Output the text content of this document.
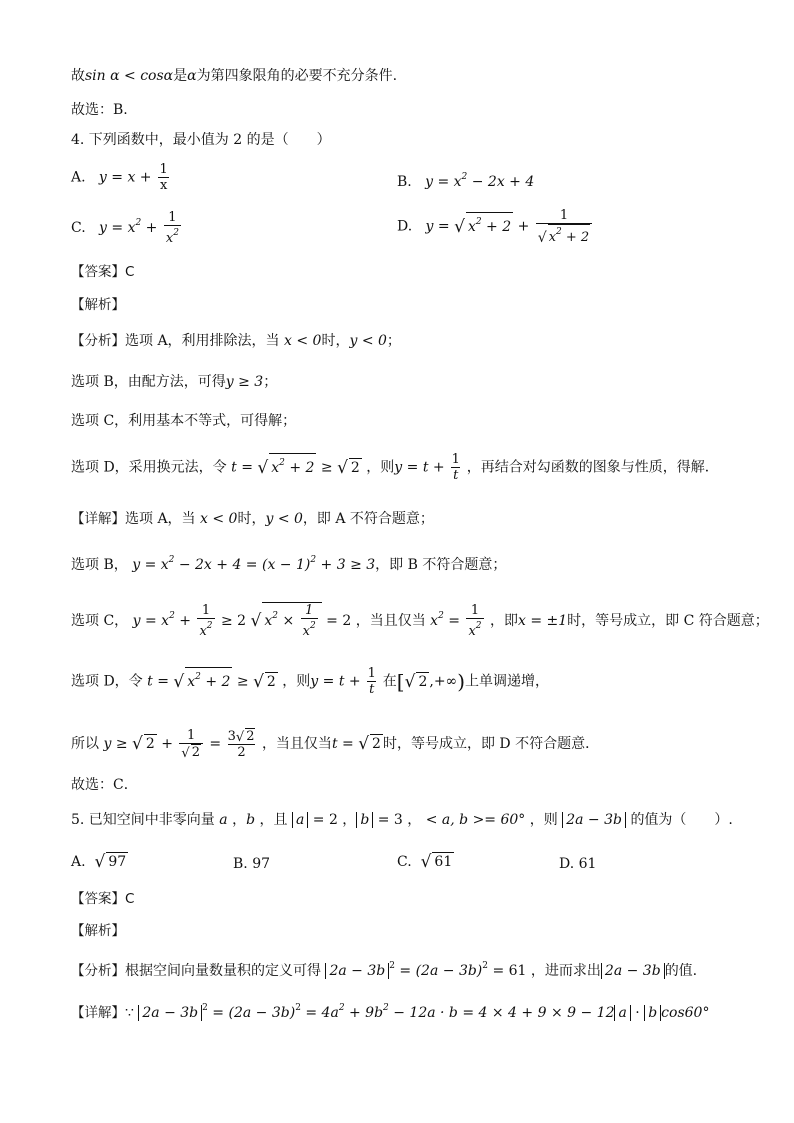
故sin α < cosα是α为第四象限角的必要不充分条件.
故选：B.
4. 下列函数中，最小值为 2 的是（　　）
A. $y = x + \frac{1}{x}$	B. $y = x^2 - 2x + 4$
C. $y = x^2 + \frac{1}{x^2}$	D. y = √ $x^2 + 2 + \frac{1}{√ x^2 + 2}$
【答案】C
【解析】
【分析】选项 A，利用排除法，当 x < 0时，y < 0；
选项 B，由配方法，可得y ≥ 3；
选项 C，利用基本不等式，可得解；
选项 D，采用换元法，令 t = √ $x^2 + 2$ ≥ √ 2 ，则$y = t + \frac{1}{t}$ ，再结合对勾函数的图象与性质，得解．
【详解】选项 A，当 x < 0时，y < 0，即 A 不符合题意；
选项 B， $y = x^2 - 2x + 4 = (x - 1)^2 + 3 \ge 3$，即 B 不符合题意；
选项 C， $y = x^2 + \frac{1}{x^2} \ge 2$ √ $x^2 \times \frac{1}{x^2} = 2$ ，当且仅当 $x^2 = \frac{1}{x^2}$ ，即x = ±1时，等号成立，即 C 符合题意；
选项 D，令 t = √ $x^2 + 2$ ≥ √ 2 ，则$y = t + \frac{1}{t}$ 在[√ 2 ,+∞)上单调递增，
所以 y ≥ √ $2 + \frac{1}{√ 2} = \frac{3√ 2}{2}$ ，当且仅当t = √ 2 时，等号成立，即 D 不符合题意．
故选：C．
5. 已知空间中非零向量 a ，b ，且 a = 2 ， b = 3 ， < a, b >= 60° ，则 2a − 3b 的值为（　　）.
A. √ 97	B. 97	C. √ 61	D. 61
【答案】C
【解析】
【分析】根据空间向量数量积的定义可得 2a − 3b $^2 = (2a - 3b)^2 = 61$ ，进而求出 2a − 3b 的值.
【详解】∵ 2a − 3b $^2 = (2a - 3b)^2 = 4a^2 + 9b^2 - 12a \cdot b = 4 \times 4 + 9 \times 9 - 12$ a · b cos60°
